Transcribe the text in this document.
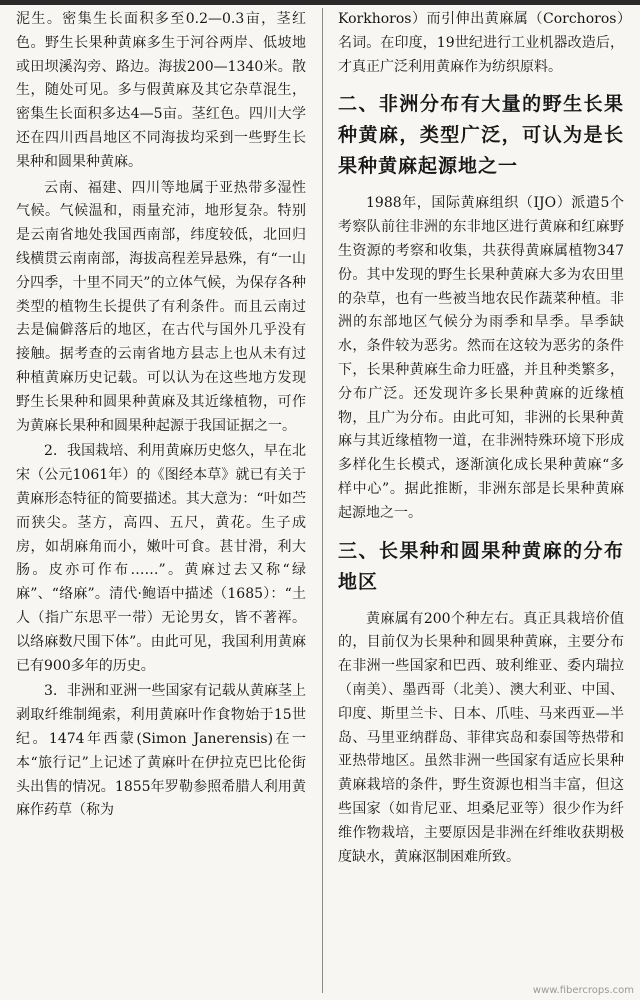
泥生。密集生长面积多至0.2—0.3亩，茎红色。野生长果种黄麻多生于河谷两岸、低坡地或田坝溪沟旁、路边。海拔200—1340米。散生，随处可见。多与假黄麻及其它杂草混生，密集生长面积多达4—5亩。茎红色。四川大学还在四川西昌地区不同海拔均采到一些野生长果种和圆果种黄麻。

云南、福建、四川等地属于亚热带多湿性气候。气候温和，雨量充沛，地形复杂。特别是云南省地处我国西南部，纬度较低，北回归线横贯云南南部，海拔高程差异悬殊，有“一山分四季，十里不同天”的立体气候，为保存各种类型的植物生长提供了有利条件。而且云南过去是偏僻落后的地区，在古代与国外几乎没有接触。据考查的云南省地方县志上也从未有过种植黄麻历史记载。可以认为在这些地方发现野生长果种和圆果种黄麻及其近缘植物，可作为黄麻长果种和圆果种起源于我国证据之一。

2．我国栽培、利用黄麻历史悠久，早在北宋（公元1061年）的《图经本草》就已有关于黄麻形态特征的简要描述。其大意为：“叶如苎而狭尖。茎方，高四、五尺，黄花。生子成房，如胡麻角而小，嫩叶可食。甚甘滑，利大肠。皮亦可作布……”。黄麻过去又称“绿麻”、“络麻”。清代·鲍语中描述（1685）：“土人（指广东思平一带）无论男女，皆不著裈。以络麻数尺围下体”。由此可见，我国利用黄麻已有900多年的历史。

3．非洲和亚洲一些国家有记载从黄麻茎上剥取纤维制绳索，利用黄麻叶作食物始于15世纪。1474年西蒙(Simon Janerensis)在一本“旅行记”上记述了黄麻叶在伊拉克巴比伦街头出售的情况。1855年罗勒参照希腊人利用黄麻作药草（称为

Korkhoros）而引伸出黄麻属（Corchoros）名词。在印度，19世纪进行工业机器改造后，才真正广泛利用黄麻作为纺织原料。

二、非洲分布有大量的野生长果种黄麻，类型广泛，可认为是长果种黄麻起源地之一

1988年，国际黄麻组织（IJO）派遣5个考察队前往非洲的东非地区进行黄麻和红麻野生资源的考察和收集，共获得黄麻属植物347份。其中发现的野生长果种黄麻大多为农田里的杂草，也有一些被当地农民作蔬菜种植。非洲的东部地区气候分为雨季和旱季。旱季缺水，条件较为恶劣。然而在这较为恶劣的条件下，长果种黄麻生命力旺盛，并且种类繁多，分布广泛。还发现许多长果种黄麻的近缘植物，且广为分布。由此可知，非洲的长果种黄麻与其近缘植物一道，在非洲特殊环境下形成多样化生长模式，逐渐演化成长果种黄麻“多样中心”。据此推断，非洲东部是长果种黄麻起源地之一。

三、长果种和圆果种黄麻的分布地区

黄麻属有200个种左右。真正具栽培价值的，目前仅为长果种和圆果种黄麻，主要分布在非洲一些国家和巴西、玻利维亚、委内瑞拉（南美）、墨西哥（北美）、澳大利亚、中国、印度、斯里兰卡、日本、爪哇、马来西亚—半岛、马里亚纳群岛、菲律宾岛和泰国等热带和亚热带地区。虽然非洲一些国家有适应长果种黄麻栽培的条件，野生资源也相当丰富，但这些国家（如肯尼亚、坦桑尼亚等）很少作为纤维作物栽培，主要原因是非洲在纤维收获期极度缺水，黄麻沤制困难所致。

www.fibercrops.com
